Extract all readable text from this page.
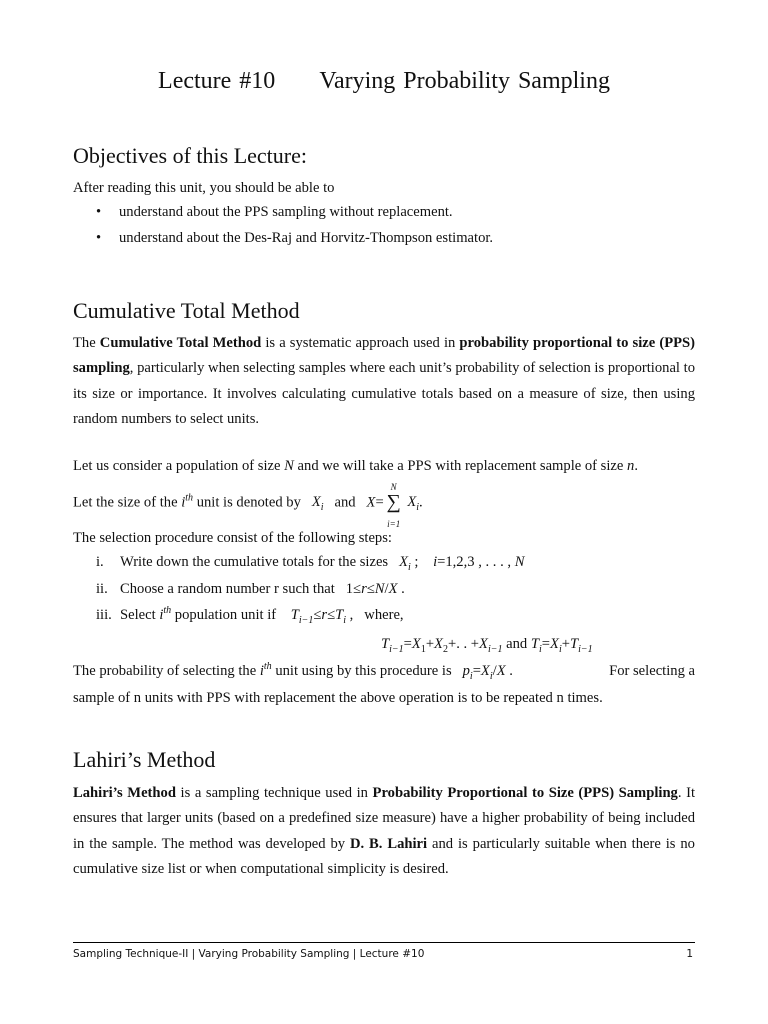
Lecture #10 Varying Probability Sampling
Objectives of this Lecture:
After reading this unit, you should be able to
• understand about the PPS sampling without replacement.
• understand about the Des-Raj and Horvitz-Thompson estimator.
Cumulative Total Method
The Cumulative Total Method is a systematic approach used in probability proportional to size (PPS) sampling, particularly when selecting samples where each unit’s probability of selection is proportional to its size or importance. It involves calculating cumulative totals based on a measure of size, then using random numbers to select units.
Let us consider a population of size N and we will take a PPS with replacement sample of size n.
Let the size of the $i^{th}$ unit is denoted by $X_i$ and X=
N
∑
i=1
$X_i$.
The selection procedure consist of the following steps:
i. Write down the cumulative totals for the sizes $X_i$ ;    i=1,2,3 , . . . , N
ii. Choose a random number r such that   1≤r≤N/X .
iii. Select $i^{th}$ population unit if $T_{i-1}\le r\le T_i$ ,   where,
$T_{i-1}=X_1+X_2+$. . $+X_{i-1}$ and $T_i=X_i+T_{i-1}$
The probability of selecting the $i^{th}$ unit using by this procedure is $p_i=X_i/X$ .	For selecting a
sample of n units with PPS with replacement the above operation is to be repeated n times.
Lahiri’s Method
Lahiri’s Method is a sampling technique used in Probability Proportional to Size (PPS) Sampling. It ensures that larger units (based on a predefined size measure) have a higher probability of being included in the sample. The method was developed by D. B. Lahiri and is particularly suitable when there is no cumulative size list or when computational simplicity is desired.
Sampling Technique-II | Varying Probability Sampling | Lecture #10	1
